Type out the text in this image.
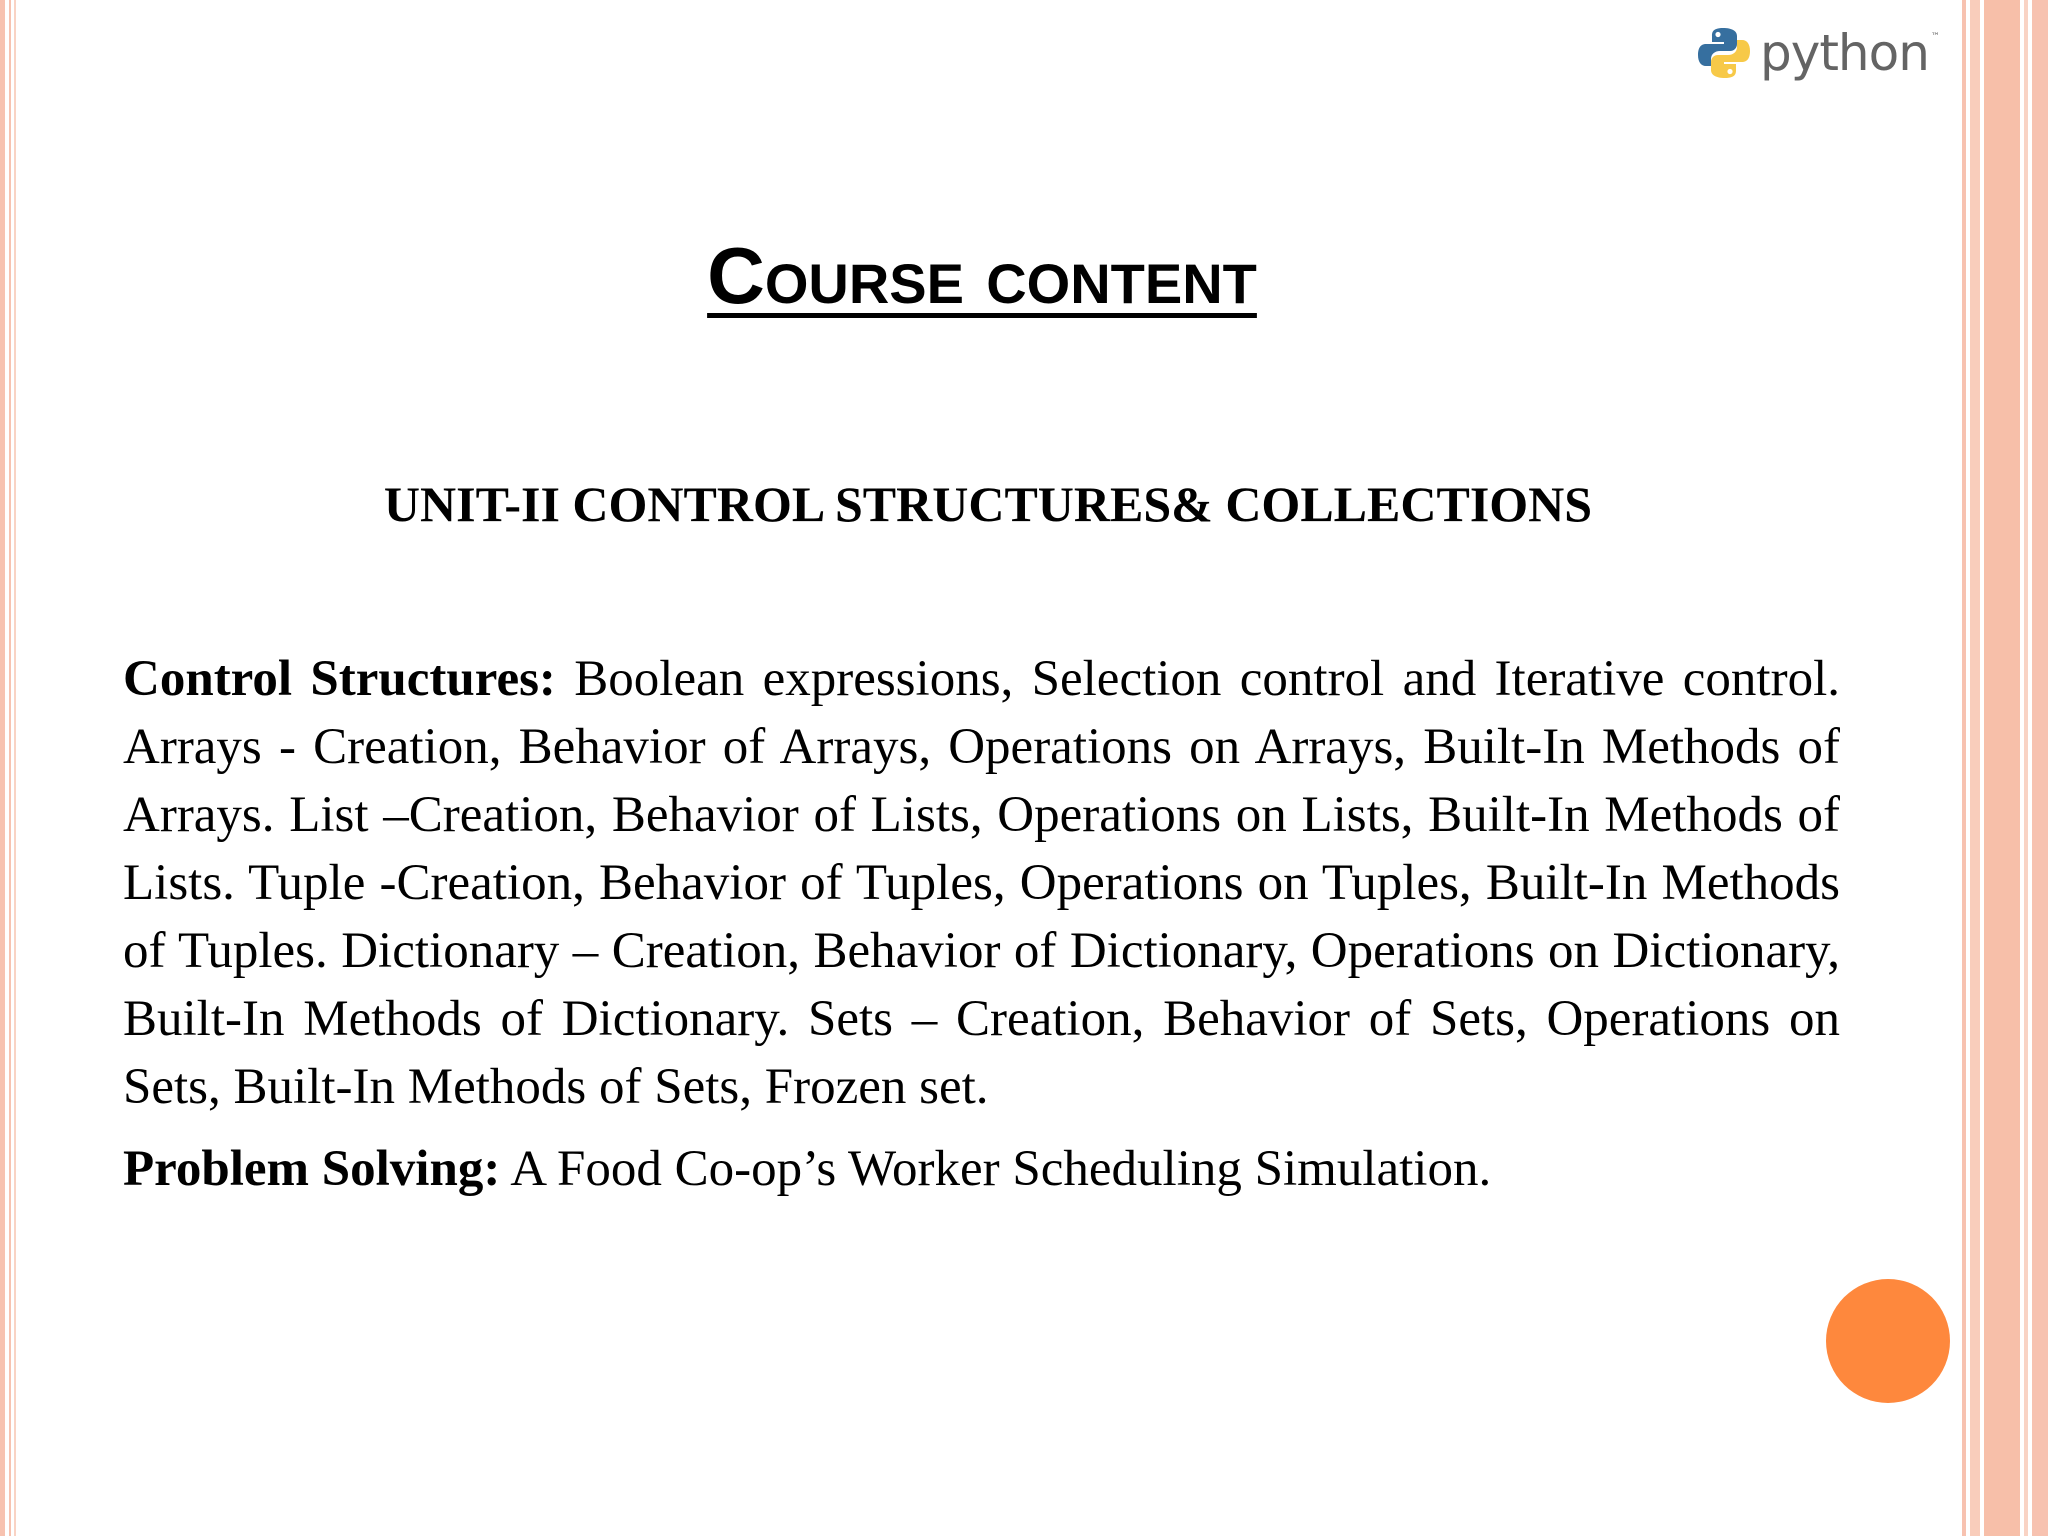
python ™
Course content
UNIT-II CONTROL STRUCTURES& COLLECTIONS

Control Structures: Boolean expressions, Selection control and Iterative control. Arrays - Creation, Behavior of Arrays, Operations on Arrays, Built-In Methods of Arrays. List –Creation, Behavior of Lists, Operations on Lists, Built-In Methods of Lists. Tuple -Creation, Behavior of Tuples, Operations on Tuples, Built-In Methods of Tuples. Dictionary – Creation, Behavior of Dictionary, Operations on Dictionary, Built-In Methods of Dictionary. Sets – Creation, Behavior of Sets, Operations on Sets, Built-In Methods of Sets, Frozen set.

Problem Solving: A Food Co-op’s Worker Scheduling Simulation.
